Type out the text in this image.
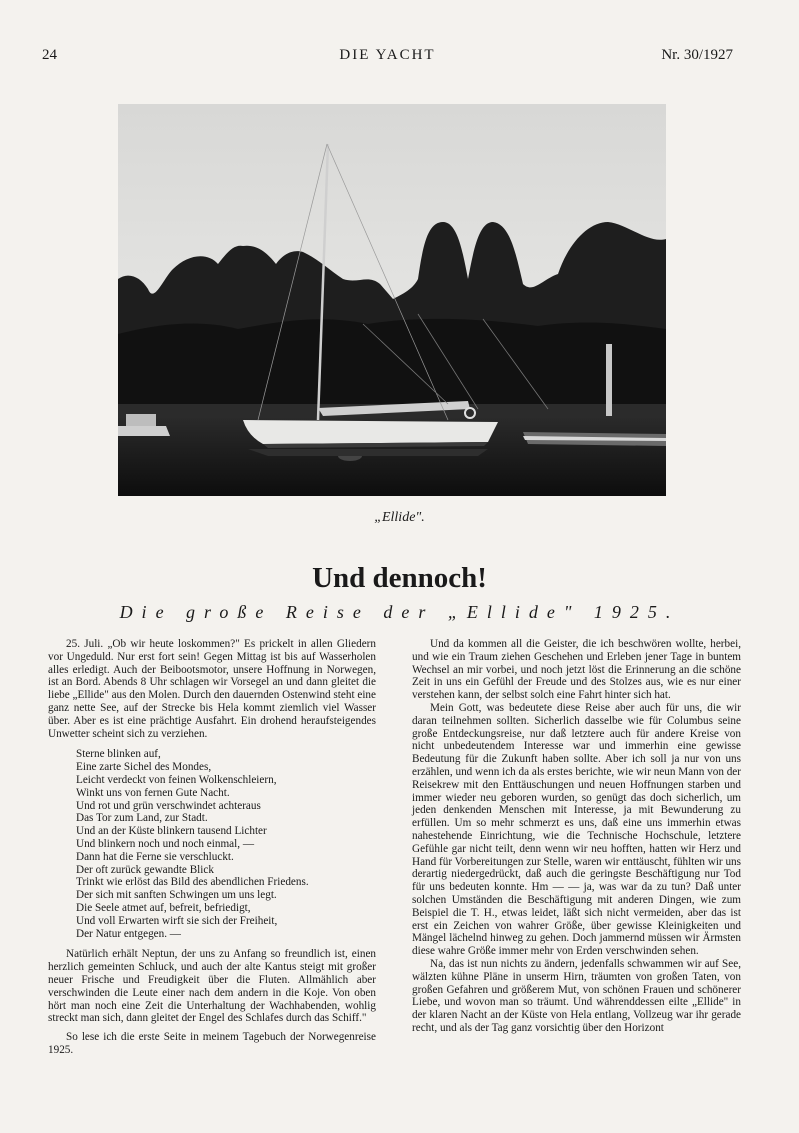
24	DIE YACHT	Nr. 30/1927
„Ellide".
Und dennoch!
Die große Reise der „Ellide" 1925.

25. Juli. „Ob wir heute loskommen?" Es prickelt in allen Gliedern vor Ungeduld. Nur erst fort sein! Gegen Mittag ist bis auf Wasserholen alles erledigt. Auch der Beibootsmotor, unsere Hoffnung in Norwegen, ist an Bord. Abends 8 Uhr schlagen wir Vorsegel an und dann gleitet die liebe „Ellide" aus den Molen. Durch den dauernden Ostenwind steht eine ganz nette See, auf der Strecke bis Hela kommt ziemlich viel Wasser über. Aber es ist eine prächtige Ausfahrt. Ein drohend heraufsteigendes Unwetter scheint sich zu verziehen.

Sterne blinken auf,
Eine zarte Sichel des Mondes,
Leicht verdeckt von feinen Wolkenschleiern,
Winkt uns von fernen Gute Nacht.
Und rot und grün verschwindet achteraus
Das Tor zum Land, zur Stadt.
Und an der Küste blinkern tausend Lichter
Und blinkern noch und noch einmal, —
Dann hat die Ferne sie verschluckt.
Der oft zurück gewandte Blick
Trinkt wie erlöst das Bild des abendlichen Friedens.
Der sich mit sanften Schwingen um uns legt.
Die Seele atmet auf, befreit, befriedigt,
Und voll Erwarten wirft sie sich der Freiheit,
Der Natur entgegen. —

Natürlich erhält Neptun, der uns zu Anfang so freundlich ist, einen herzlich gemeinten Schluck, und auch der alte Kantus steigt mit großer neuer Frische und Freudigkeit über die Fluten. Allmählich aber verschwinden die Leute einer nach dem andern in die Koje. Von oben hört man noch eine Zeit die Unterhaltung der Wachhabenden, wohlig streckt man sich, dann gleitet der Engel des Schlafes durch das Schiff."

So lese ich die erste Seite in meinem Tagebuch der Norwegenreise 1925.

Und da kommen all die Geister, die ich beschwören wollte, herbei, und wie ein Traum ziehen Geschehen und Erleben jener Tage in buntem Wechsel an mir vorbei, und noch jetzt löst die Erinnerung an die schöne Zeit in uns ein Gefühl der Freude und des Stolzes aus, wie es nur einer verstehen kann, der selbst solch eine Fahrt hinter sich hat.

Mein Gott, was bedeutete diese Reise aber auch für uns, die wir daran teilnehmen sollten. Sicherlich dasselbe wie für Columbus seine große Entdeckungsreise, nur daß letztere auch für andere Kreise von nicht unbedeutendem Interesse war und immerhin eine gewisse Bedeutung für die Zukunft haben sollte. Aber ich soll ja nur von uns erzählen, und wenn ich da als erstes berichte, wie wir neun Mann von der Reisekrew mit den Enttäuschungen und neuen Hoffnungen starben und immer wieder neu geboren wurden, so genügt das doch sicherlich, um jeden denkenden Menschen mit Interesse, ja mit Bewunderung zu erfüllen. Um so mehr schmerzt es uns, daß eine uns immerhin etwas nahestehende Einrichtung, wie die Technische Hochschule, letztere Gefühle gar nicht teilt, denn wenn wir neu hofften, hatten wir Herz und Hand für Vorbereitungen zur Stelle, waren wir enttäuscht, fühlten wir uns derartig niedergedrückt, daß auch die geringste Beschäftigung nur Tod für uns bedeuten konnte. Hm — — ja, was war da zu tun? Daß unter solchen Umständen die Beschäftigung mit anderen Dingen, wie zum Beispiel die T. H., etwas leidet, läßt sich nicht vermeiden, aber das ist erst ein Zeichen von wahrer Größe, über gewisse Kleinigkeiten und Mängel lächelnd hinweg zu gehen. Doch jammernd müssen wir Ärmsten diese wahre Größe immer mehr von Erden verschwinden sehen.

Na, das ist nun nichts zu ändern, jedenfalls schwammen wir auf See, wälzten kühne Pläne in unserm Hirn, träumten von großen Taten, von großen Gefahren und größerem Mut, von schönen Frauen und schönerer Liebe, und wovon man so träumt. Und währenddessen eilte „Ellide" in der klaren Nacht an der Küste von Hela entlang, Vollzeug war ihr gerade recht, und als der Tag ganz vorsichtig über den Horizont
